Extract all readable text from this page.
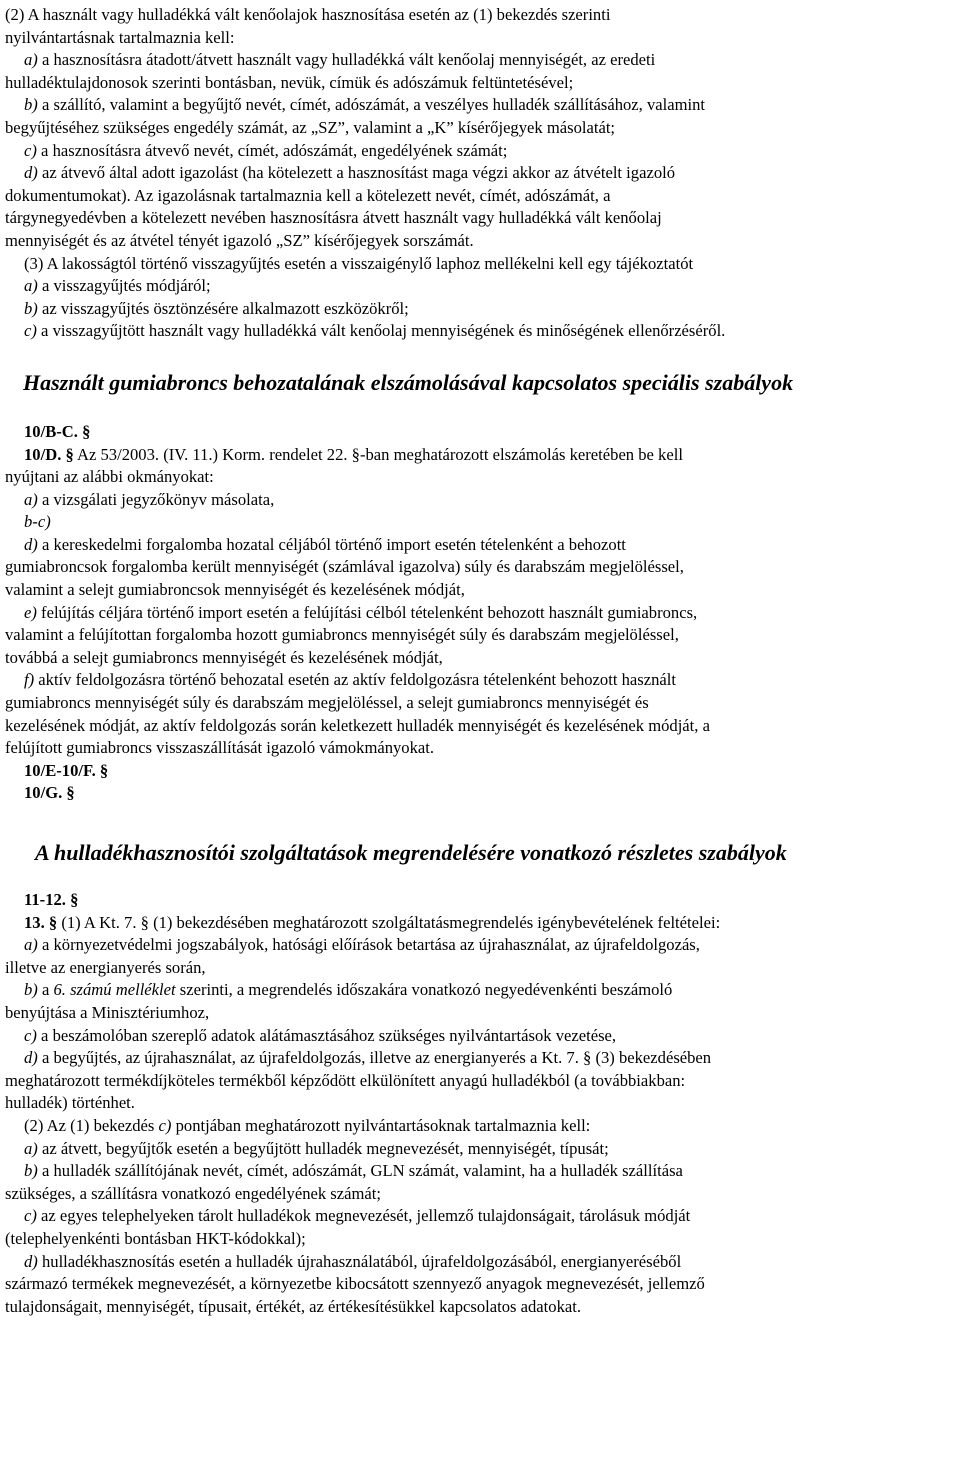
(2) A használt vagy hulladékká vált kenőolajok hasznosítása esetén az (1) bekezdés szerinti
nyilvántartásnak tartalmaznia kell:
a) a hasznosításra átadott/átvett használt vagy hulladékká vált kenőolaj mennyiségét, az eredeti
hulladéktulajdonosok szerinti bontásban, nevük, címük és adószámuk feltüntetésével;
b) a szállító, valamint a begyűjtő nevét, címét, adószámát, a veszélyes hulladék szállításához, valamint
begyűjtéséhez szükséges engedély számát, az „SZ”, valamint a „K” kísérőjegyek másolatát;
c) a hasznosításra átvevő nevét, címét, adószámát, engedélyének számát;
d) az átvevő által adott igazolást (ha kötelezett a hasznosítást maga végzi akkor az átvételt igazoló
dokumentumokat). Az igazolásnak tartalmaznia kell a kötelezett nevét, címét, adószámát, a
tárgynegyedévben a kötelezett nevében hasznosításra átvett használt vagy hulladékká vált kenőolaj
mennyiségét és az átvétel tényét igazoló „SZ” kísérőjegyek sorszámát.
(3) A lakosságtól történő visszagyűjtés esetén a visszaigénylő laphoz mellékelni kell egy tájékoztatót
a) a visszagyűjtés módjáról;
b) az visszagyűjtés ösztönzésére alkalmazott eszközökről;
c) a visszagyűjtött használt vagy hulladékká vált kenőolaj mennyiségének és minőségének ellenőrzéséről.
Használt gumiabroncs behozatalának elszámolásával kapcsolatos speciális szabályok
10/B-C. §
10/D. § Az 53/2003. (IV. 11.) Korm. rendelet 22. §-ban meghatározott elszámolás keretében be kell
nyújtani az alábbi okmányokat:
a) a vizsgálati jegyzőkönyv másolata,
b-c)
d) a kereskedelmi forgalomba hozatal céljából történő import esetén tételenként a behozott
gumiabroncsok forgalomba került mennyiségét (számlával igazolva) súly és darabszám megjelöléssel,
valamint a selejt gumiabroncsok mennyiségét és kezelésének módját,
e) felújítás céljára történő import esetén a felújítási célból tételenként behozott használt gumiabroncs,
valamint a felújítottan forgalomba hozott gumiabroncs mennyiségét súly és darabszám megjelöléssel,
továbbá a selejt gumiabroncs mennyiségét és kezelésének módját,
f) aktív feldolgozásra történő behozatal esetén az aktív feldolgozásra tételenként behozott használt
gumiabroncs mennyiségét súly és darabszám megjelöléssel, a selejt gumiabroncs mennyiségét és
kezelésének módját, az aktív feldolgozás során keletkezett hulladék mennyiségét és kezelésének módját, a
felújított gumiabroncs visszaszállítását igazoló vámokmányokat.
10/E-10/F. §
10/G. §
A hulladékhasznosítói szolgáltatások megrendelésére vonatkozó részletes szabályok
11-12. §
13. § (1) A Kt. 7. § (1) bekezdésében meghatározott szolgáltatásmegrendelés igénybevételének feltételei:
a) a környezetvédelmi jogszabályok, hatósági előírások betartása az újrahasználat, az újrafeldolgozás,
illetve az energianyerés során,
b) a 6. számú melléklet szerinti, a megrendelés időszakára vonatkozó negyedévenkénti beszámoló
benyújtása a Minisztériumhoz,
c) a beszámolóban szereplő adatok alátámasztásához szükséges nyilvántartások vezetése,
d) a begyűjtés, az újrahasználat, az újrafeldolgozás, illetve az energianyerés a Kt. 7. § (3) bekezdésében
meghatározott termékdíjköteles termékből képződött elkülönített anyagú hulladékból (a továbbiakban:
hulladék) történhet.
(2) Az (1) bekezdés c) pontjában meghatározott nyilvántartásoknak tartalmaznia kell:
a) az átvett, begyűjtők esetén a begyűjtött hulladék megnevezését, mennyiségét, típusát;
b) a hulladék szállítójának nevét, címét, adószámát, GLN számát, valamint, ha a hulladék szállítása
szükséges, a szállításra vonatkozó engedélyének számát;
c) az egyes telephelyeken tárolt hulladékok megnevezését, jellemző tulajdonságait, tárolásuk módját
(telephelyenkénti bontásban HKT-kódokkal);
d) hulladékhasznosítás esetén a hulladék újrahasználatából, újrafeldolgozásából, energianyeréséből
származó termékek megnevezését, a környezetbe kibocsátott szennyező anyagok megnevezését, jellemző
tulajdonságait, mennyiségét, típusait, értékét, az értékesítésükkel kapcsolatos adatokat.
